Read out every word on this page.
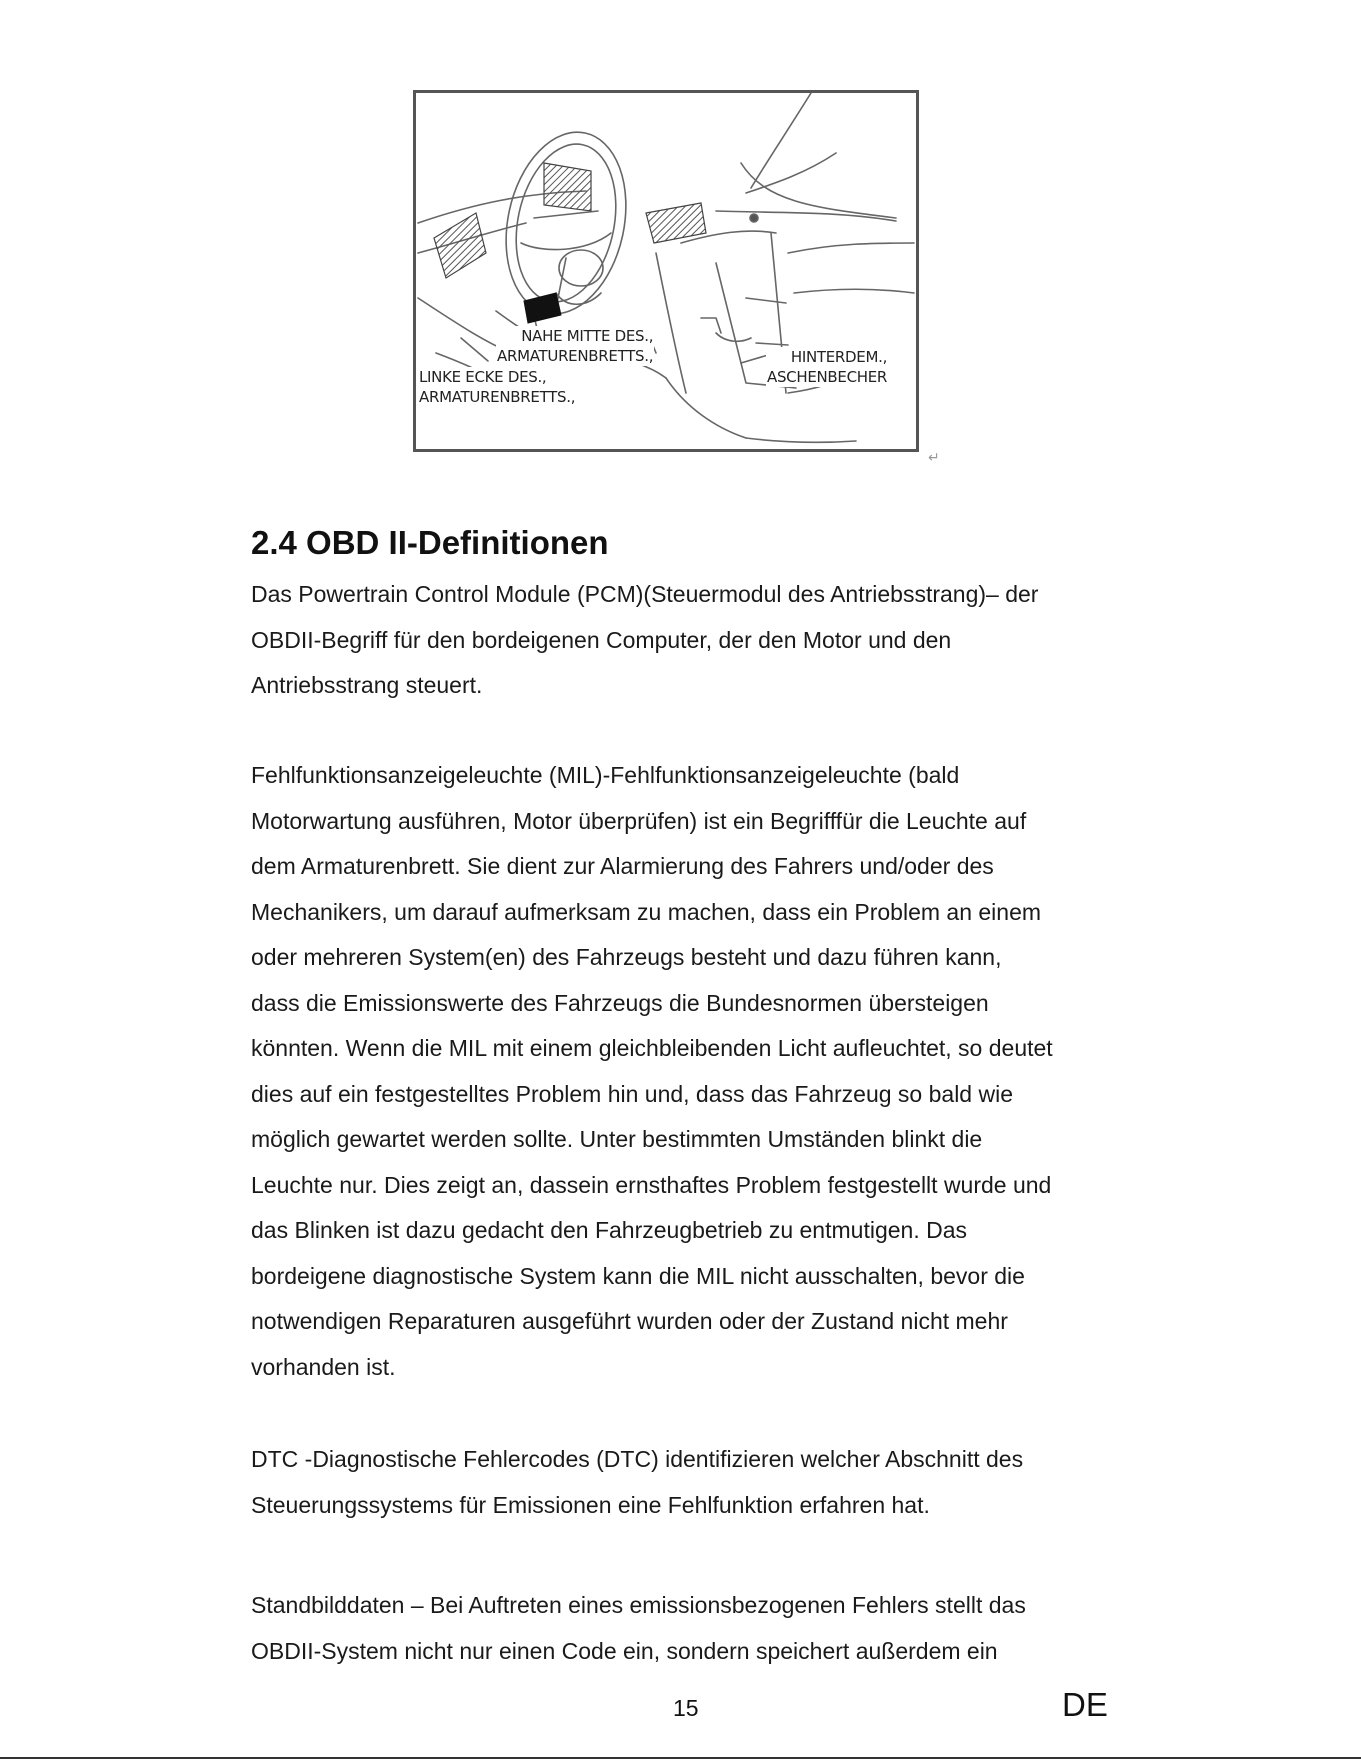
NAHE MITTE DES.,
ARMATURENBRETTS.,	HINTERDEM.,
ASCHENBECHER
LINKE ECKE DES.,
ARMATURENBRETTS.,
↵
2.4 OBD II-Definitionen

Das Powertrain Control Module (PCM)(Steuermodul des Antriebsstrang)– der
OBDII-Begriff für den bordeigenen Computer, der den Motor und den
Antriebsstrang steuert.

Fehlfunktionsanzeigeleuchte (MIL)-Fehlfunktionsanzeigeleuchte (bald
Motorwartung ausführen, Motor überprüfen) ist ein Begrifffür die Leuchte auf
dem Armaturenbrett. Sie dient zur Alarmierung des Fahrers und/oder des
Mechanikers, um darauf aufmerksam zu machen, dass ein Problem an einem
oder mehreren System(en) des Fahrzeugs besteht und dazu führen kann,
dass die Emissionswerte des Fahrzeugs die Bundesnormen übersteigen
könnten. Wenn die MIL mit einem gleichbleibenden Licht aufleuchtet, so deutet
dies auf ein festgestelltes Problem hin und, dass das Fahrzeug so bald wie
möglich gewartet werden sollte. Unter bestimmten Umständen blinkt die
Leuchte nur. Dies zeigt an, dassein ernsthaftes Problem festgestellt wurde und
das Blinken ist dazu gedacht den Fahrzeugbetrieb zu entmutigen. Das
bordeigene diagnostische System kann die MIL nicht ausschalten, bevor die
notwendigen Reparaturen ausgeführt wurden oder der Zustand nicht mehr
vorhanden ist.

DTC -Diagnostische Fehlercodes (DTC) identifizieren welcher Abschnitt des
Steuerungssystems für Emissionen eine Fehlfunktion erfahren hat.

Standbilddaten – Bei Auftreten eines emissionsbezogenen Fehlers stellt das
OBDII-System nicht nur einen Code ein, sondern speichert außerdem ein

15	DE
